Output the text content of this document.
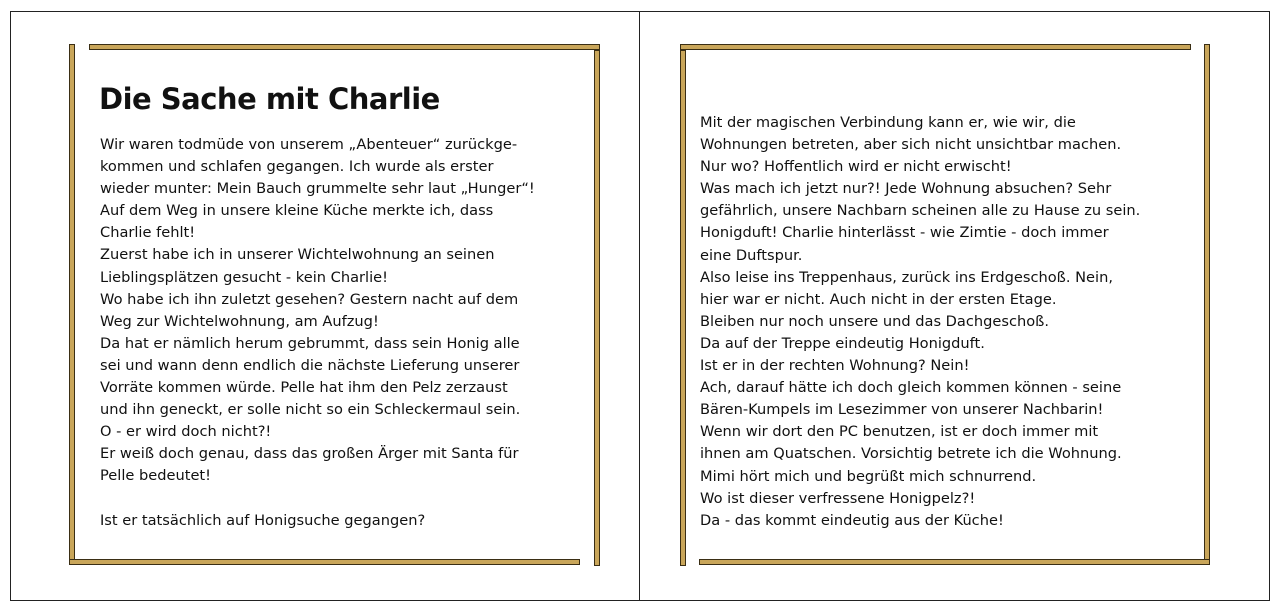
Die Sache mit Charlie

Wir waren todmüde von unserem „Abenteuer“ zurückge-
kommen und schlafen gegangen. Ich wurde als erster
wieder munter: Mein Bauch grummelte sehr laut „Hunger“!
Auf dem Weg in unsere kleine Küche merkte ich, dass
Charlie fehlt!
Zuerst habe ich in unserer Wichtelwohnung an seinen
Lieblingsplätzen gesucht - kein Charlie!
Wo habe ich ihn zuletzt gesehen? Gestern nacht auf dem
Weg zur Wichtelwohnung, am Aufzug!
Da hat er nämlich herum gebrummt, dass sein Honig alle
sei und wann denn endlich die nächste Lieferung unserer
Vorräte kommen würde. Pelle hat ihm den Pelz zerzaust
und ihn geneckt, er solle nicht so ein Schleckermaul sein.
O - er wird doch nicht?!
Er weiß doch genau, dass das großen Ärger mit Santa für
Pelle bedeutet!

Ist er tatsächlich auf Honigsuche gegangen?

Mit der magischen Verbindung kann er, wie wir, die
Wohnungen betreten, aber sich nicht unsichtbar machen.
Nur wo? Hoffentlich wird er nicht erwischt!
Was mach ich jetzt nur?! Jede Wohnung absuchen? Sehr
gefährlich, unsere Nachbarn scheinen alle zu Hause zu sein.
Honigduft! Charlie hinterlässt - wie Zimtie - doch immer
eine Duftspur.
Also leise ins Treppenhaus, zurück ins Erdgeschoß. Nein,
hier war er nicht. Auch nicht in der ersten Etage.
Bleiben nur noch unsere und das Dachgeschoß.
Da auf der Treppe eindeutig Honigduft.
Ist er in der rechten Wohnung? Nein!
Ach, darauf hätte ich doch gleich kommen können - seine
Bären-Kumpels im Lesezimmer von unserer Nachbarin!
Wenn wir dort den PC benutzen, ist er doch immer mit
ihnen am Quatschen. Vorsichtig betrete ich die Wohnung.
Mimi hört mich und begrüßt mich schnurrend.
Wo ist dieser verfressene Honigpelz?!
Da - das kommt eindeutig aus der Küche!
